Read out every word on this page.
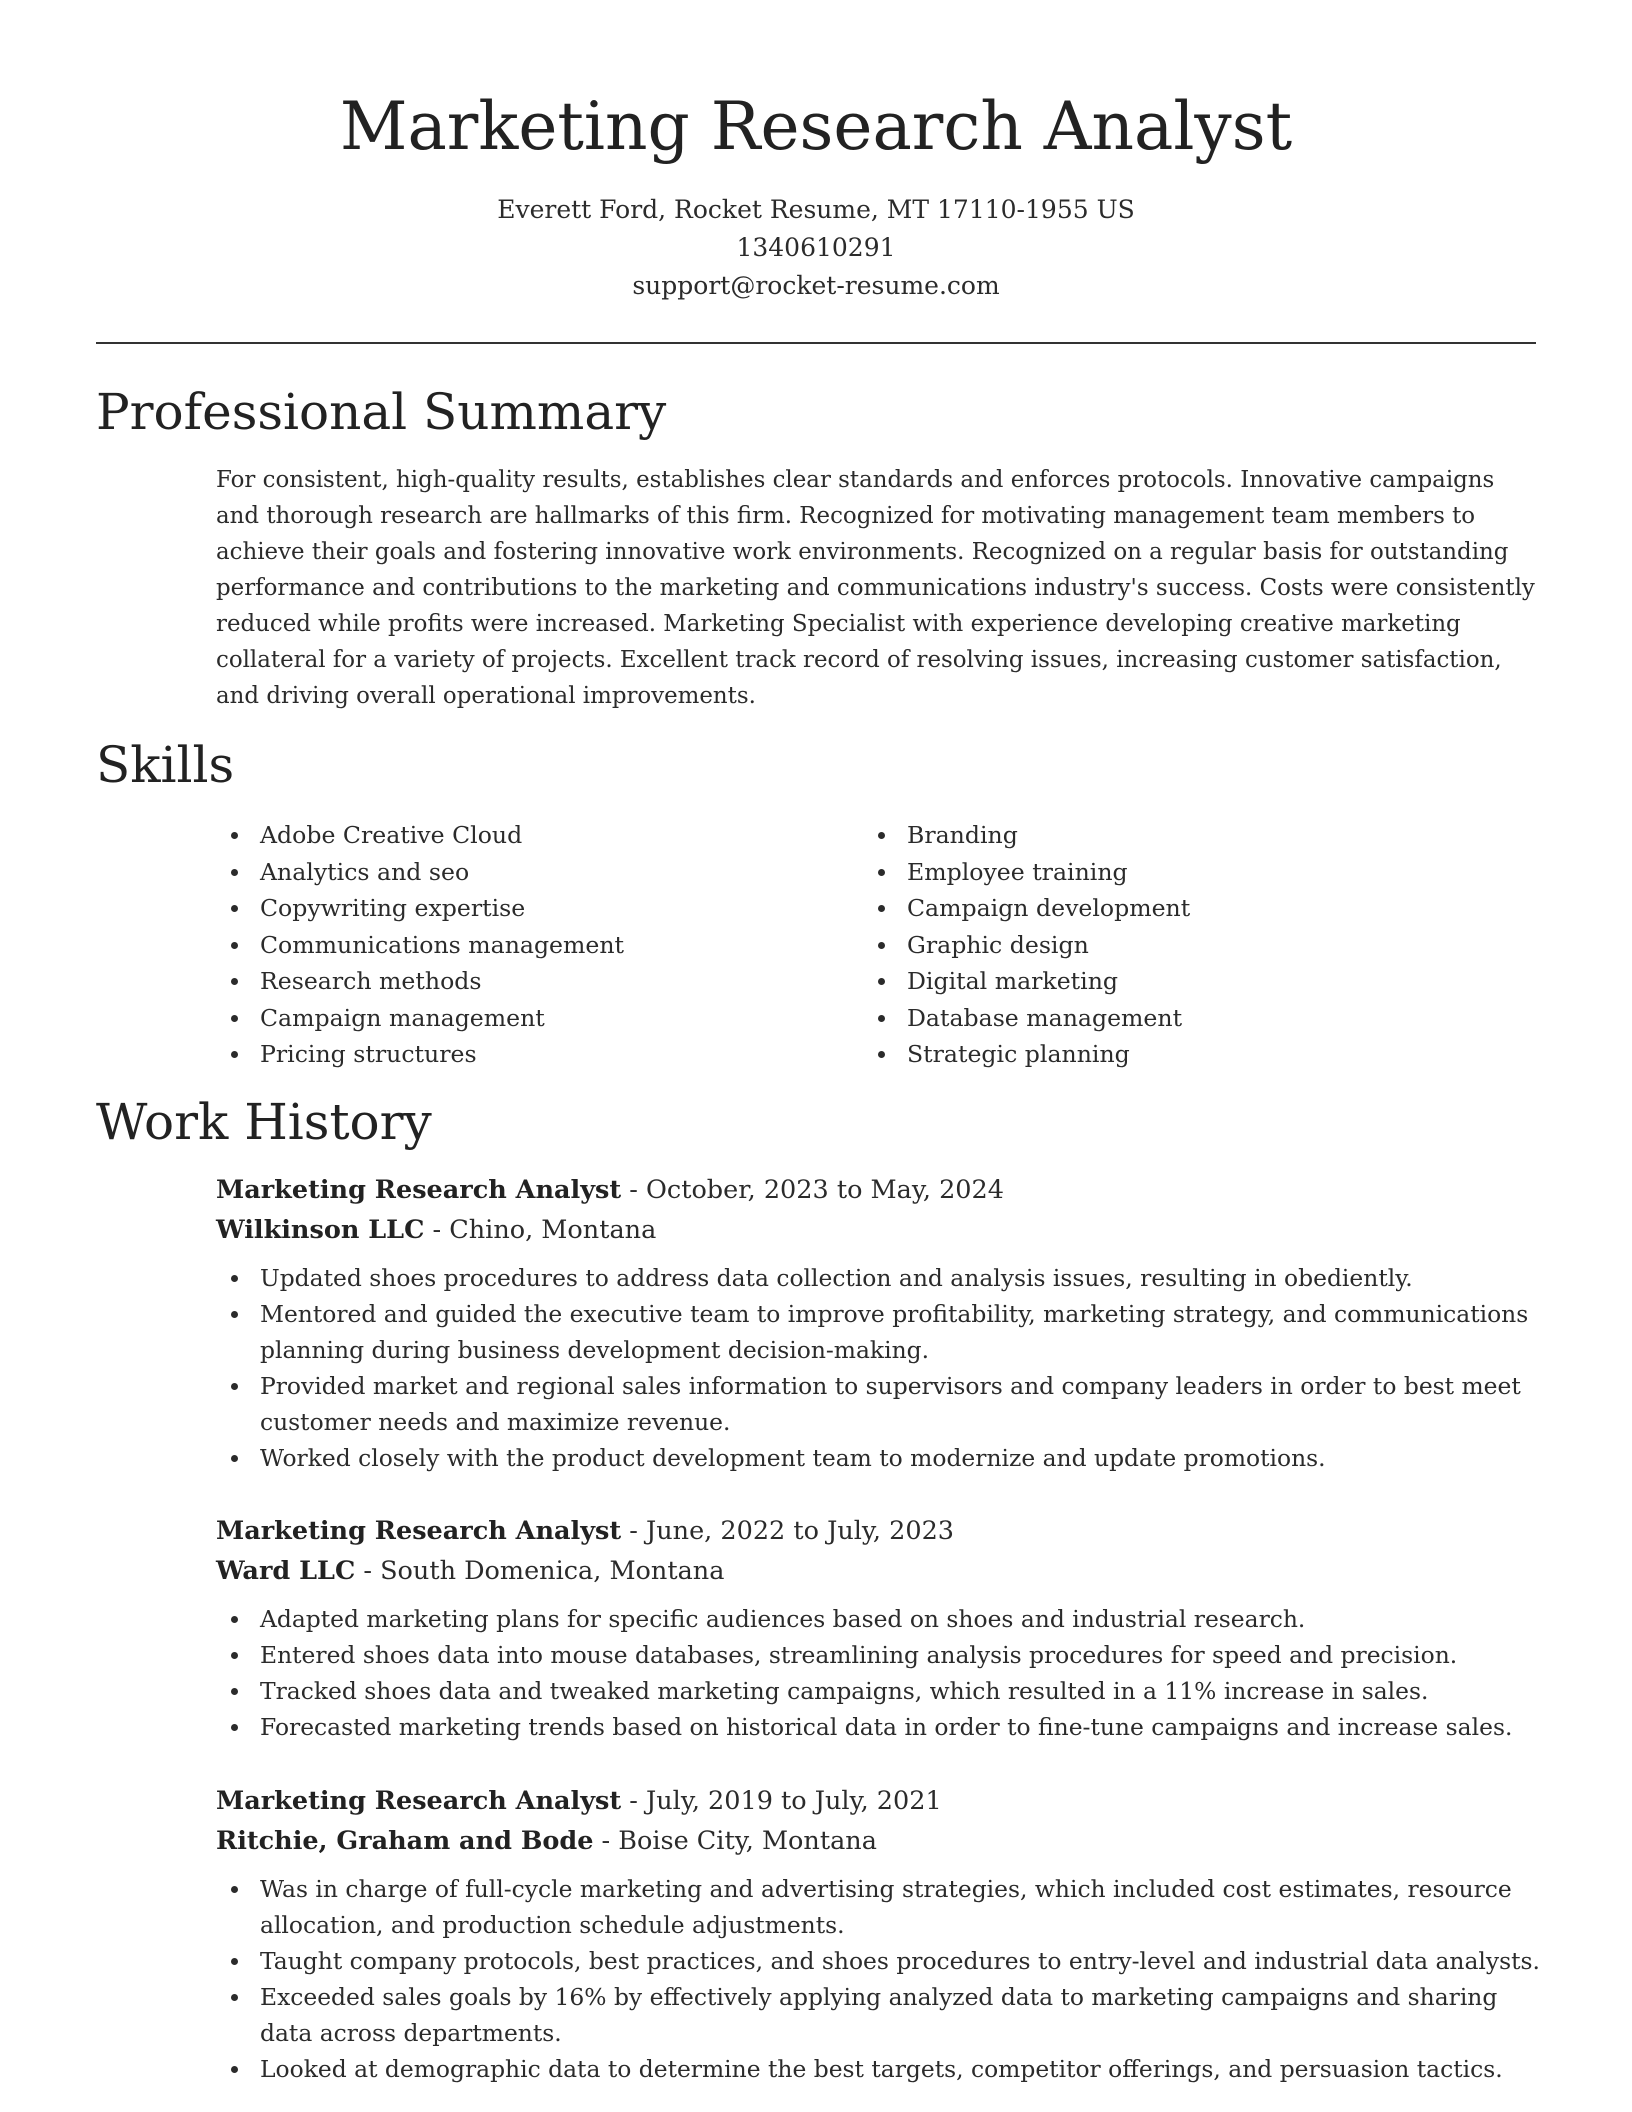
Marketing Research Analyst
Everett Ford, Rocket Resume, MT 17110-1955 US
1340610291
support@rocket-resume.com
Professional Summary
For consistent, high-quality results, establishes clear standards and enforces protocols. Innovative campaigns and thorough research are hallmarks of this firm. Recognized for motivating management team members to achieve their goals and fostering innovative work environments. Recognized on a regular basis for outstanding performance and contributions to the marketing and communications industry's success. Costs were consistently reduced while profits were increased. Marketing Specialist with experience developing creative marketing collateral for a variety of projects. Excellent track record of resolving issues, increasing customer satisfaction, and driving overall operational improvements.
Skills
Adobe Creative Cloud
Analytics and seo
Copywriting expertise
Communications management
Research methods
Campaign management
Pricing structures
Branding
Employee training
Campaign development
Graphic design
Digital marketing
Database management
Strategic planning
Work History
Marketing Research Analyst - October, 2023 to May, 2024
Wilkinson LLC - Chino, Montana
Updated shoes procedures to address data collection and analysis issues, resulting in obediently.
Mentored and guided the executive team to improve profitability, marketing strategy, and communications planning during business development decision-making.
Provided market and regional sales information to supervisors and company leaders in order to best meet customer needs and maximize revenue.
Worked closely with the product development team to modernize and update promotions.
Marketing Research Analyst - June, 2022 to July, 2023
Ward LLC - South Domenica, Montana
Adapted marketing plans for specific audiences based on shoes and industrial research.
Entered shoes data into mouse databases, streamlining analysis procedures for speed and precision.
Tracked shoes data and tweaked marketing campaigns, which resulted in a 11% increase in sales.
Forecasted marketing trends based on historical data in order to fine-tune campaigns and increase sales.
Marketing Research Analyst - July, 2019 to July, 2021
Ritchie, Graham and Bode - Boise City, Montana
Was in charge of full-cycle marketing and advertising strategies, which included cost estimates, resource allocation, and production schedule adjustments.
Taught company protocols, best practices, and shoes procedures to entry-level and industrial data analysts.
Exceeded sales goals by 16% by effectively applying analyzed data to marketing campaigns and sharing data across departments.
Looked at demographic data to determine the best targets, competitor offerings, and persuasion tactics.
